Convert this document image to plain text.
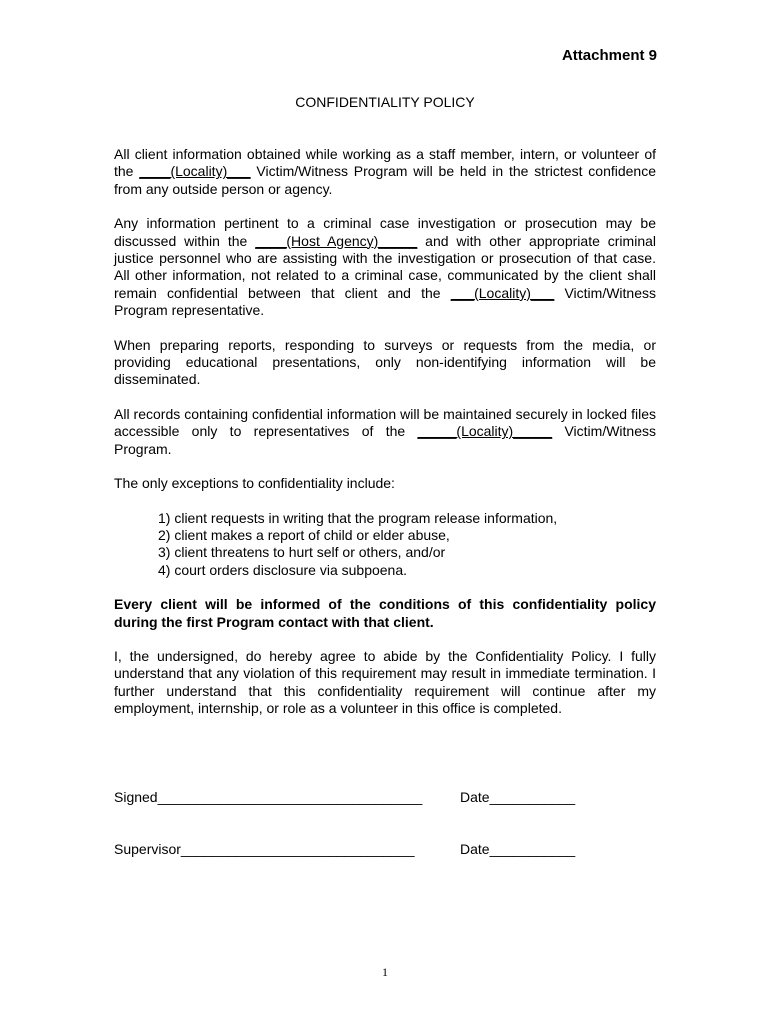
Attachment 9
CONFIDENTIALITY POLICY

All client information obtained while working as a staff member, intern, or volunteer of the ____(Locality)___ Victim/Witness Program will be held in the strictest confidence from any outside person or agency.

Any information pertinent to a criminal case investigation or prosecution may be discussed within the ____(Host Agency)_____ and with other appropriate criminal justice personnel who are assisting with the investigation or prosecution of that case. All other information, not related to a criminal case, communicated by the client shall remain confidential between that client and the ___(Locality)___ Victim/Witness Program representative.

When preparing reports, responding to surveys or requests from the media, or providing educational presentations, only non-identifying information will be disseminated.

All records containing confidential information will be maintained securely in locked files accessible only to representatives of the _____(Locality)_____ Victim/Witness Program.

The only exceptions to confidentiality include:

1) client requests in writing that the program release information,
2) client makes a report of child or elder abuse,
3) client threatens to hurt self or others, and/or
4) court orders disclosure via subpoena.

Every client will be informed of the conditions of this confidentiality policy during the first Program contact with that client.

I, the undersigned, do hereby agree to abide by the Confidentiality Policy. I fully understand that any violation of this requirement may result in immediate termination. I further understand that this confidentiality requirement will continue after my employment, internship, or role as a volunteer in this office is completed.

Signed__________________________________	Date___________
Supervisor______________________________	Date___________
1
